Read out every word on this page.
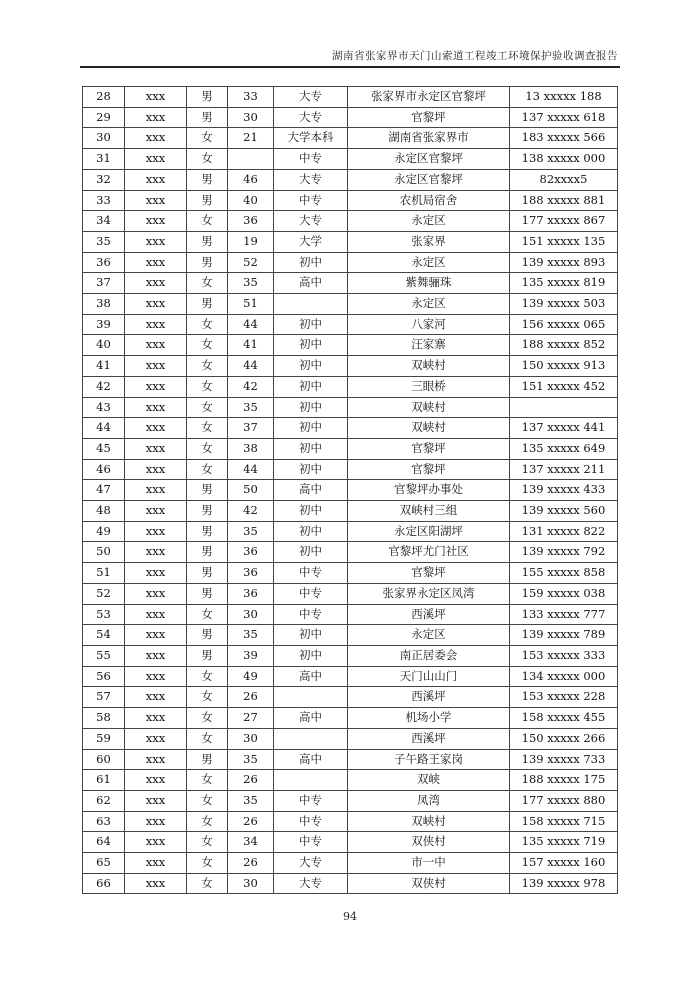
湖南省张家界市天门山索道工程竣工环境保护验收调查报告
28	xxx	男	33	大专	张家界市永定区官黎坪	13 xxxxx 188
29	xxx	男	30	大专	官黎坪	137 xxxxx 618
30	xxx	女	21	大学本科	湖南省张家界市	183 xxxxx 566
31	xxx	女		中专	永定区官黎坪	138 xxxxx 000
32	xxx	男	46	大专	永定区官黎坪	82xxxx5
33	xxx	男	40	中专	农机局宿舍	188 xxxxx 881
34	xxx	女	36	大专	永定区	177 xxxxx 867
35	xxx	男	19	大学	张家界	151 xxxxx 135
36	xxx	男	52	初中	永定区	139 xxxxx 893
37	xxx	女	35	高中	紫舞骊珠	135 xxxxx 819
38	xxx	男	51		永定区	139 xxxxx 503
39	xxx	女	44	初中	八家河	156 xxxxx 065
40	xxx	女	41	初中	汪家寨	188 xxxxx 852
41	xxx	女	44	初中	双峡村	150 xxxxx 913
42	xxx	女	42	初中	三眼桥	151 xxxxx 452
43	xxx	女	35	初中	双峡村	
44	xxx	女	37	初中	双峡村	137 xxxxx 441
45	xxx	女	38	初中	官黎坪	135 xxxxx 649
46	xxx	女	44	初中	官黎坪	137 xxxxx 211
47	xxx	男	50	高中	官黎坪办事处	139 xxxxx 433
48	xxx	男	42	初中	双峡村三组	139 xxxxx 560
49	xxx	男	35	初中	永定区阳湖坪	131 xxxxx 822
50	xxx	男	36	初中	官黎坪尤门社区	139 xxxxx 792
51	xxx	男	36	中专	官黎坪	155 xxxxx 858
52	xxx	男	36	中专	张家界永定区凤湾	159 xxxxx 038
53	xxx	女	30	中专	西溪坪	133 xxxxx 777
54	xxx	男	35	初中	永定区	139 xxxxx 789
55	xxx	男	39	初中	南正居委会	153 xxxxx 333
56	xxx	女	49	高中	天门山山门	134 xxxxx 000
57	xxx	女	26		西溪坪	153 xxxxx 228
58	xxx	女	27	高中	机场小学	158 xxxxx 455
59	xxx	女	30		西溪坪	150 xxxxx 266
60	xxx	男	35	高中	子午路王家岗	139 xxxxx 733
61	xxx	女	26		双峡	188 xxxxx 175
62	xxx	女	35	中专	凤湾	177 xxxxx 880
63	xxx	女	26	中专	双峡村	158 xxxxx 715
64	xxx	女	34	中专	双侠村	135 xxxxx 719
65	xxx	女	26	大专	市一中	157 xxxxx 160
66	xxx	女	30	大专	双侠村	139 xxxxx 978
94
